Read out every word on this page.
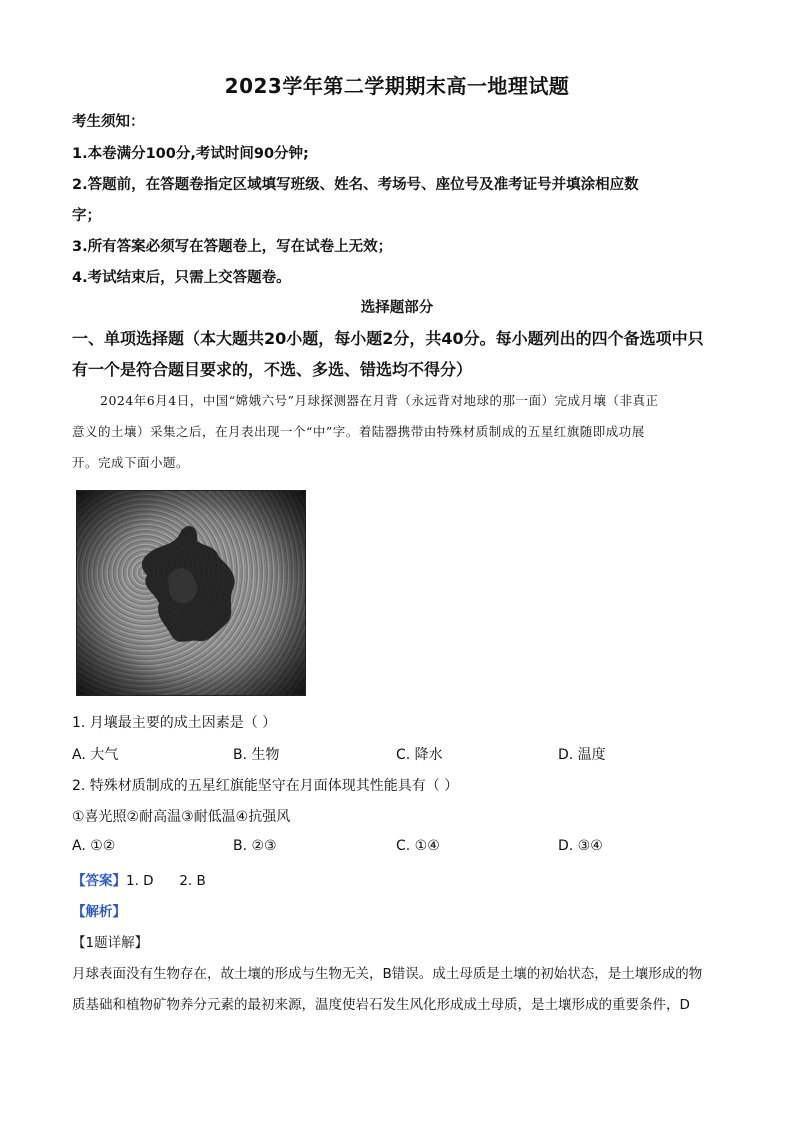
2023学年第二学期期末高一地理试题
考生须知：
1.本卷满分100分,考试时间90分钟;
2.答题前，在答题卷指定区域填写班级、姓名、考场号、座位号及准考证号并填涂相应数
字；
3.所有答案必须写在答题卷上，写在试卷上无效；
4.考试结束后，只需上交答题卷。
选择题部分
一、单项选择题（本大题共20小题，每小题2分，共40分。每小题列出的四个备选项中只
有一个是符合题目要求的，不选、多选、错选均不得分）
2024年6月4日，中国“嫦娥六号”月球探测器在月背（永远背对地球的那一面）完成月壤（非真正
意义的土壤）采集之后，在月表出现一个“中”字。着陆器携带由特殊材质制成的五星红旗随即成功展
开。完成下面小题。
1. 月壤最主要的成土因素是（ ）
A. 大气	B. 生物	C. 降水	D. 温度
2. 特殊材质制成的五星红旗能坚守在月面体现其性能具有（ ）
①喜光照②耐高温③耐低温④抗强风
A. ①②	B. ②③	C. ①④	D. ③④
【答案】1. D      2. B
【解析】
【1题详解】
月球表面没有生物存在，故土壤的形成与生物无关，B错误。成土母质是土壤的初始状态，是土壤形成的物
质基础和植物矿物养分元素的最初来源，温度使岩石发生风化形成成土母质，是土壤形成的重要条件，D
